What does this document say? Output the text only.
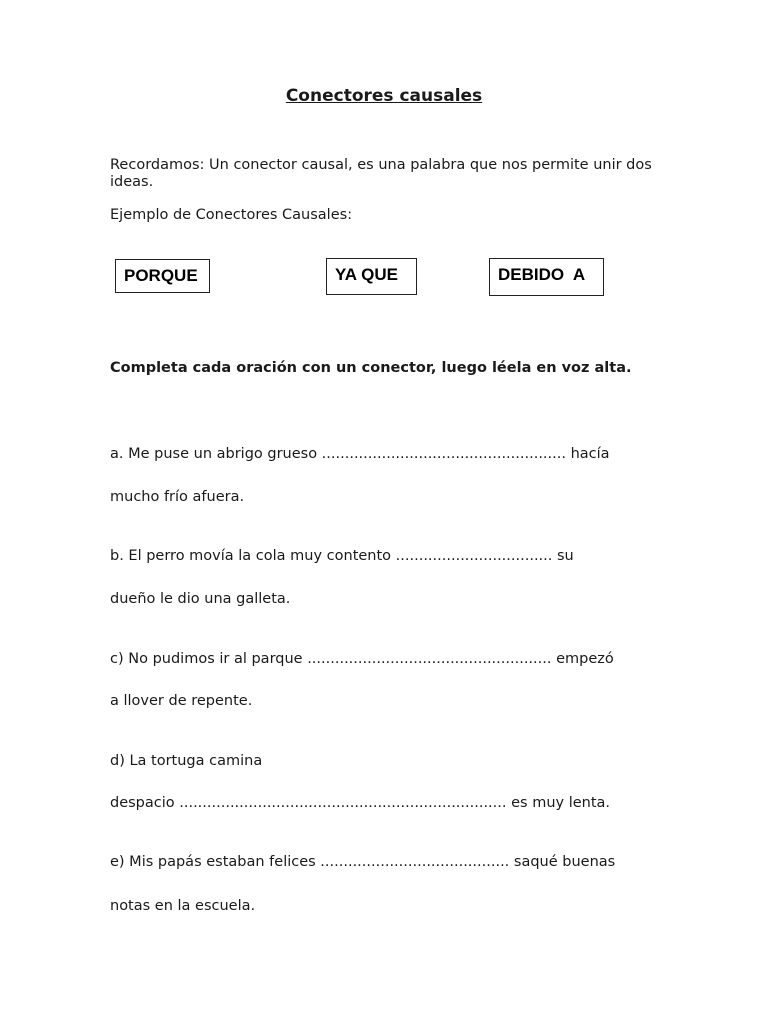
Conectores causales
Recordamos: Un conector causal, es una palabra que nos permite unir dos ideas.
Ejemplo de Conectores Causales:
PORQUE	YA QUE	DEBIDO  A
Completa cada oración con un conector, luego léela en voz alta.
a. Me puse un abrigo grueso ..................................................... hacía
mucho frío afuera.
b. El perro movía la cola muy contento .................................. su
dueño le dio una galleta.
c) No pudimos ir al parque ..................................................... empezó
a llover de repente.
d) La tortuga camina
despacio ....................................................................... es muy lenta.
e) Mis papás estaban felices ......................................... saqué buenas
notas en la escuela.
